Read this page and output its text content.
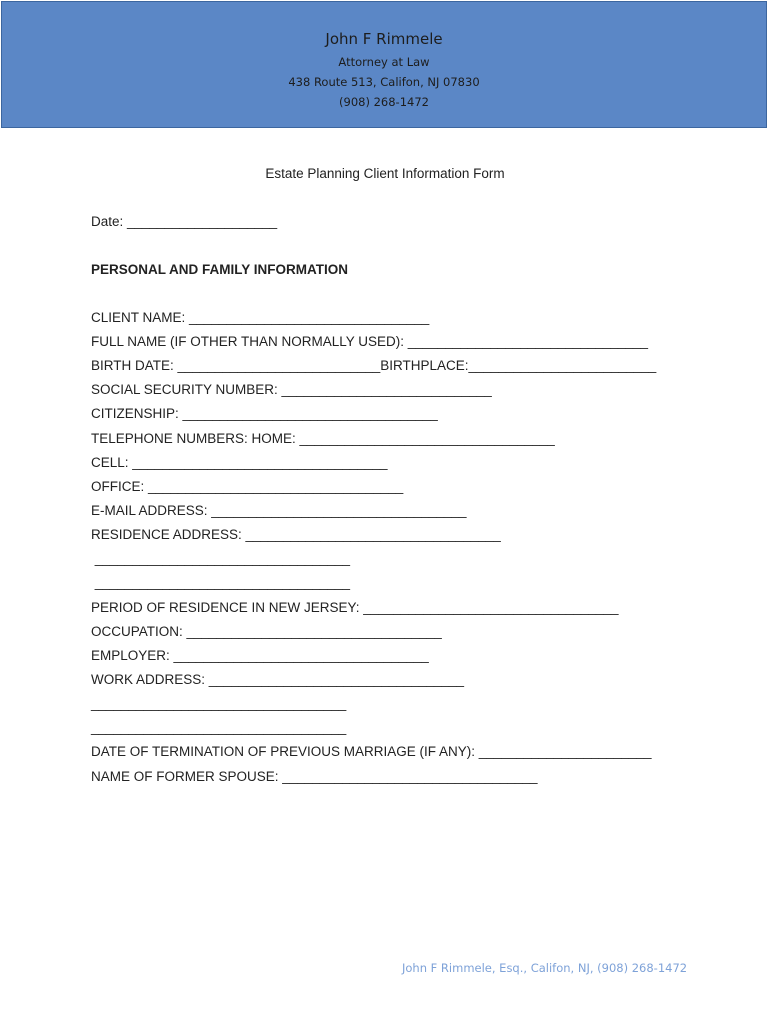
John F Rimmele
Attorney at Law
438 Route 513, Califon, NJ 07830
(908) 268-1472
Estate Planning Client Information Form
Date: ____________________
PERSONAL AND FAMILY INFORMATION
CLIENT NAME: ________________________________
FULL NAME (IF OTHER THAN NORMALLY USED): ________________________________
BIRTH DATE: ___________________________BIRTHPLACE:_________________________
SOCIAL SECURITY NUMBER: ____________________________
CITIZENSHIP: __________________________________
TELEPHONE NUMBERS: HOME: __________________________________
CELL: __________________________________
OFFICE: __________________________________
E-MAIL ADDRESS: __________________________________
RESIDENCE ADDRESS: __________________________________
__________________________________
__________________________________
PERIOD OF RESIDENCE IN NEW JERSEY: __________________________________
OCCUPATION: __________________________________
EMPLOYER: __________________________________
WORK ADDRESS: __________________________________
__________________________________
__________________________________
DATE OF TERMINATION OF PREVIOUS MARRIAGE (IF ANY): _______________________
NAME OF FORMER SPOUSE: __________________________________
John F Rimmele, Esq., Califon, NJ, (908) 268-1472
